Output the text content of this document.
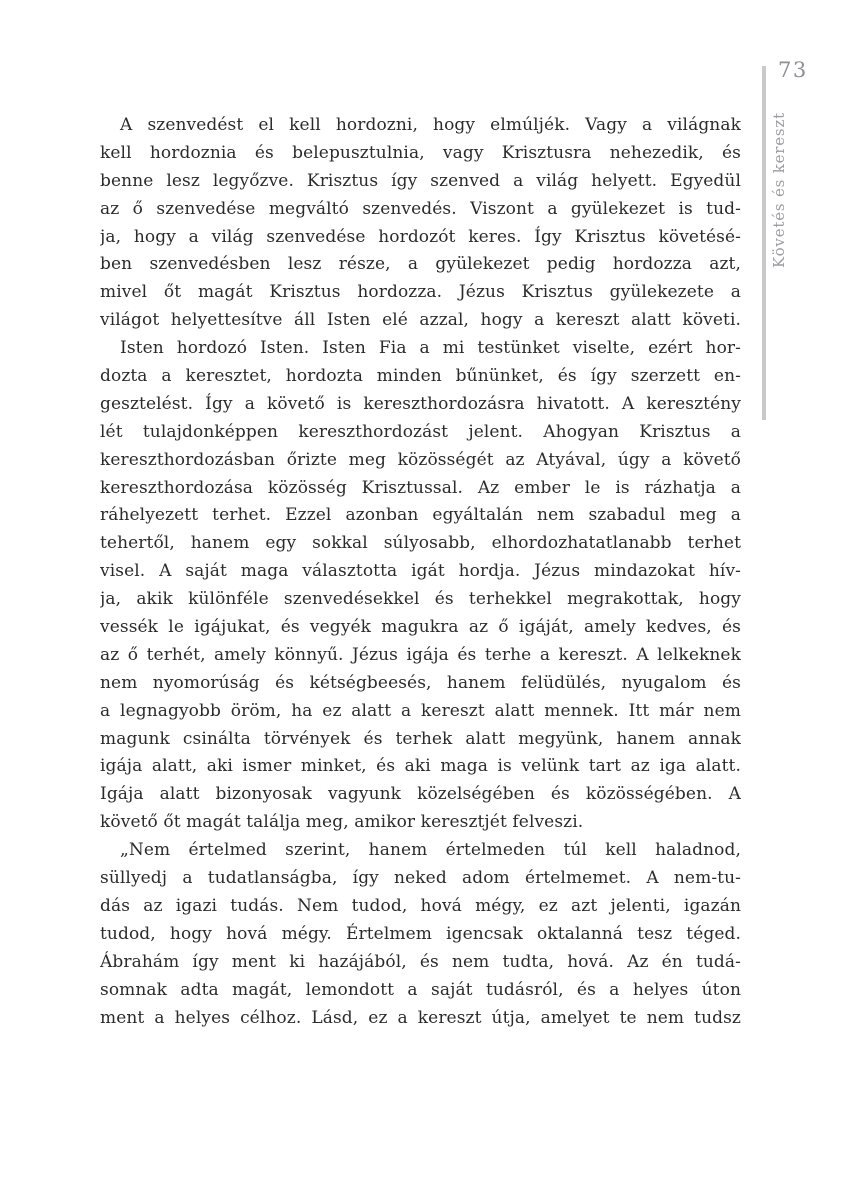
73
Követés és kereszt
A szenvedést el kell hordozni, hogy elmúljék. Vagy a világnak
kell hordoznia és belepusztulnia, vagy Krisztusra nehezedik, és
benne lesz legyőzve. Krisztus így szenved a világ helyett. Egyedül
az ő szenvedése megváltó szenvedés. Viszont a gyülekezet is tud-
ja, hogy a világ szenvedése hordozót keres. Így Krisztus követésé-
ben szenvedésben lesz része, a gyülekezet pedig hordozza azt,
mivel őt magát Krisztus hordozza. Jézus Krisztus gyülekezete a
világot helyettesítve áll Isten elé azzal, hogy a kereszt alatt követi.
Isten hordozó Isten. Isten Fia a mi testünket viselte, ezért hor-
dozta a keresztet, hordozta minden bűnünket, és így szerzett en-
gesztelést. Így a követő is kereszthordozásra hivatott. A keresztény
lét tulajdonképpen kereszthordozást jelent. Ahogyan Krisztus a
kereszthordozásban őrizte meg közösségét az Atyával, úgy a követő
kereszthordozása közösség Krisztussal. Az ember le is rázhatja a
ráhelyezett terhet. Ezzel azonban egyáltalán nem szabadul meg a
tehertől, hanem egy sokkal súlyosabb, elhordozhatatlanabb terhet
visel. A saját maga választotta igát hordja. Jézus mindazokat hív-
ja, akik különféle szenvedésekkel és terhekkel megrakottak, hogy
vessék le igájukat, és vegyék magukra az ő igáját, amely kedves, és
az ő terhét, amely könnyű. Jézus igája és terhe a kereszt. A lelkeknek
nem nyomorúság és kétségbeesés, hanem felüdülés, nyugalom és
a legnagyobb öröm, ha ez alatt a kereszt alatt mennek. Itt már nem
magunk csinálta törvények és terhek alatt megyünk, hanem annak
igája alatt, aki ismer minket, és aki maga is velünk tart az iga alatt.
Igája alatt bizonyosak vagyunk közelségében és közösségében. A
követő őt magát találja meg, amikor keresztjét felveszi.
„Nem értelmed szerint, hanem értelmeden túl kell haladnod,
süllyedj a tudatlanságba, így neked adom értelmemet. A nem-tu-
dás az igazi tudás. Nem tudod, hová mégy, ez azt jelenti, igazán
tudod, hogy hová mégy. Értelmem igencsak oktalanná tesz téged.
Ábrahám így ment ki hazájából, és nem tudta, hová. Az én tudá-
somnak adta magát, lemondott a saját tudásról, és a helyes úton
ment a helyes célhoz. Lásd, ez a kereszt útja, amelyet te nem tudsz
